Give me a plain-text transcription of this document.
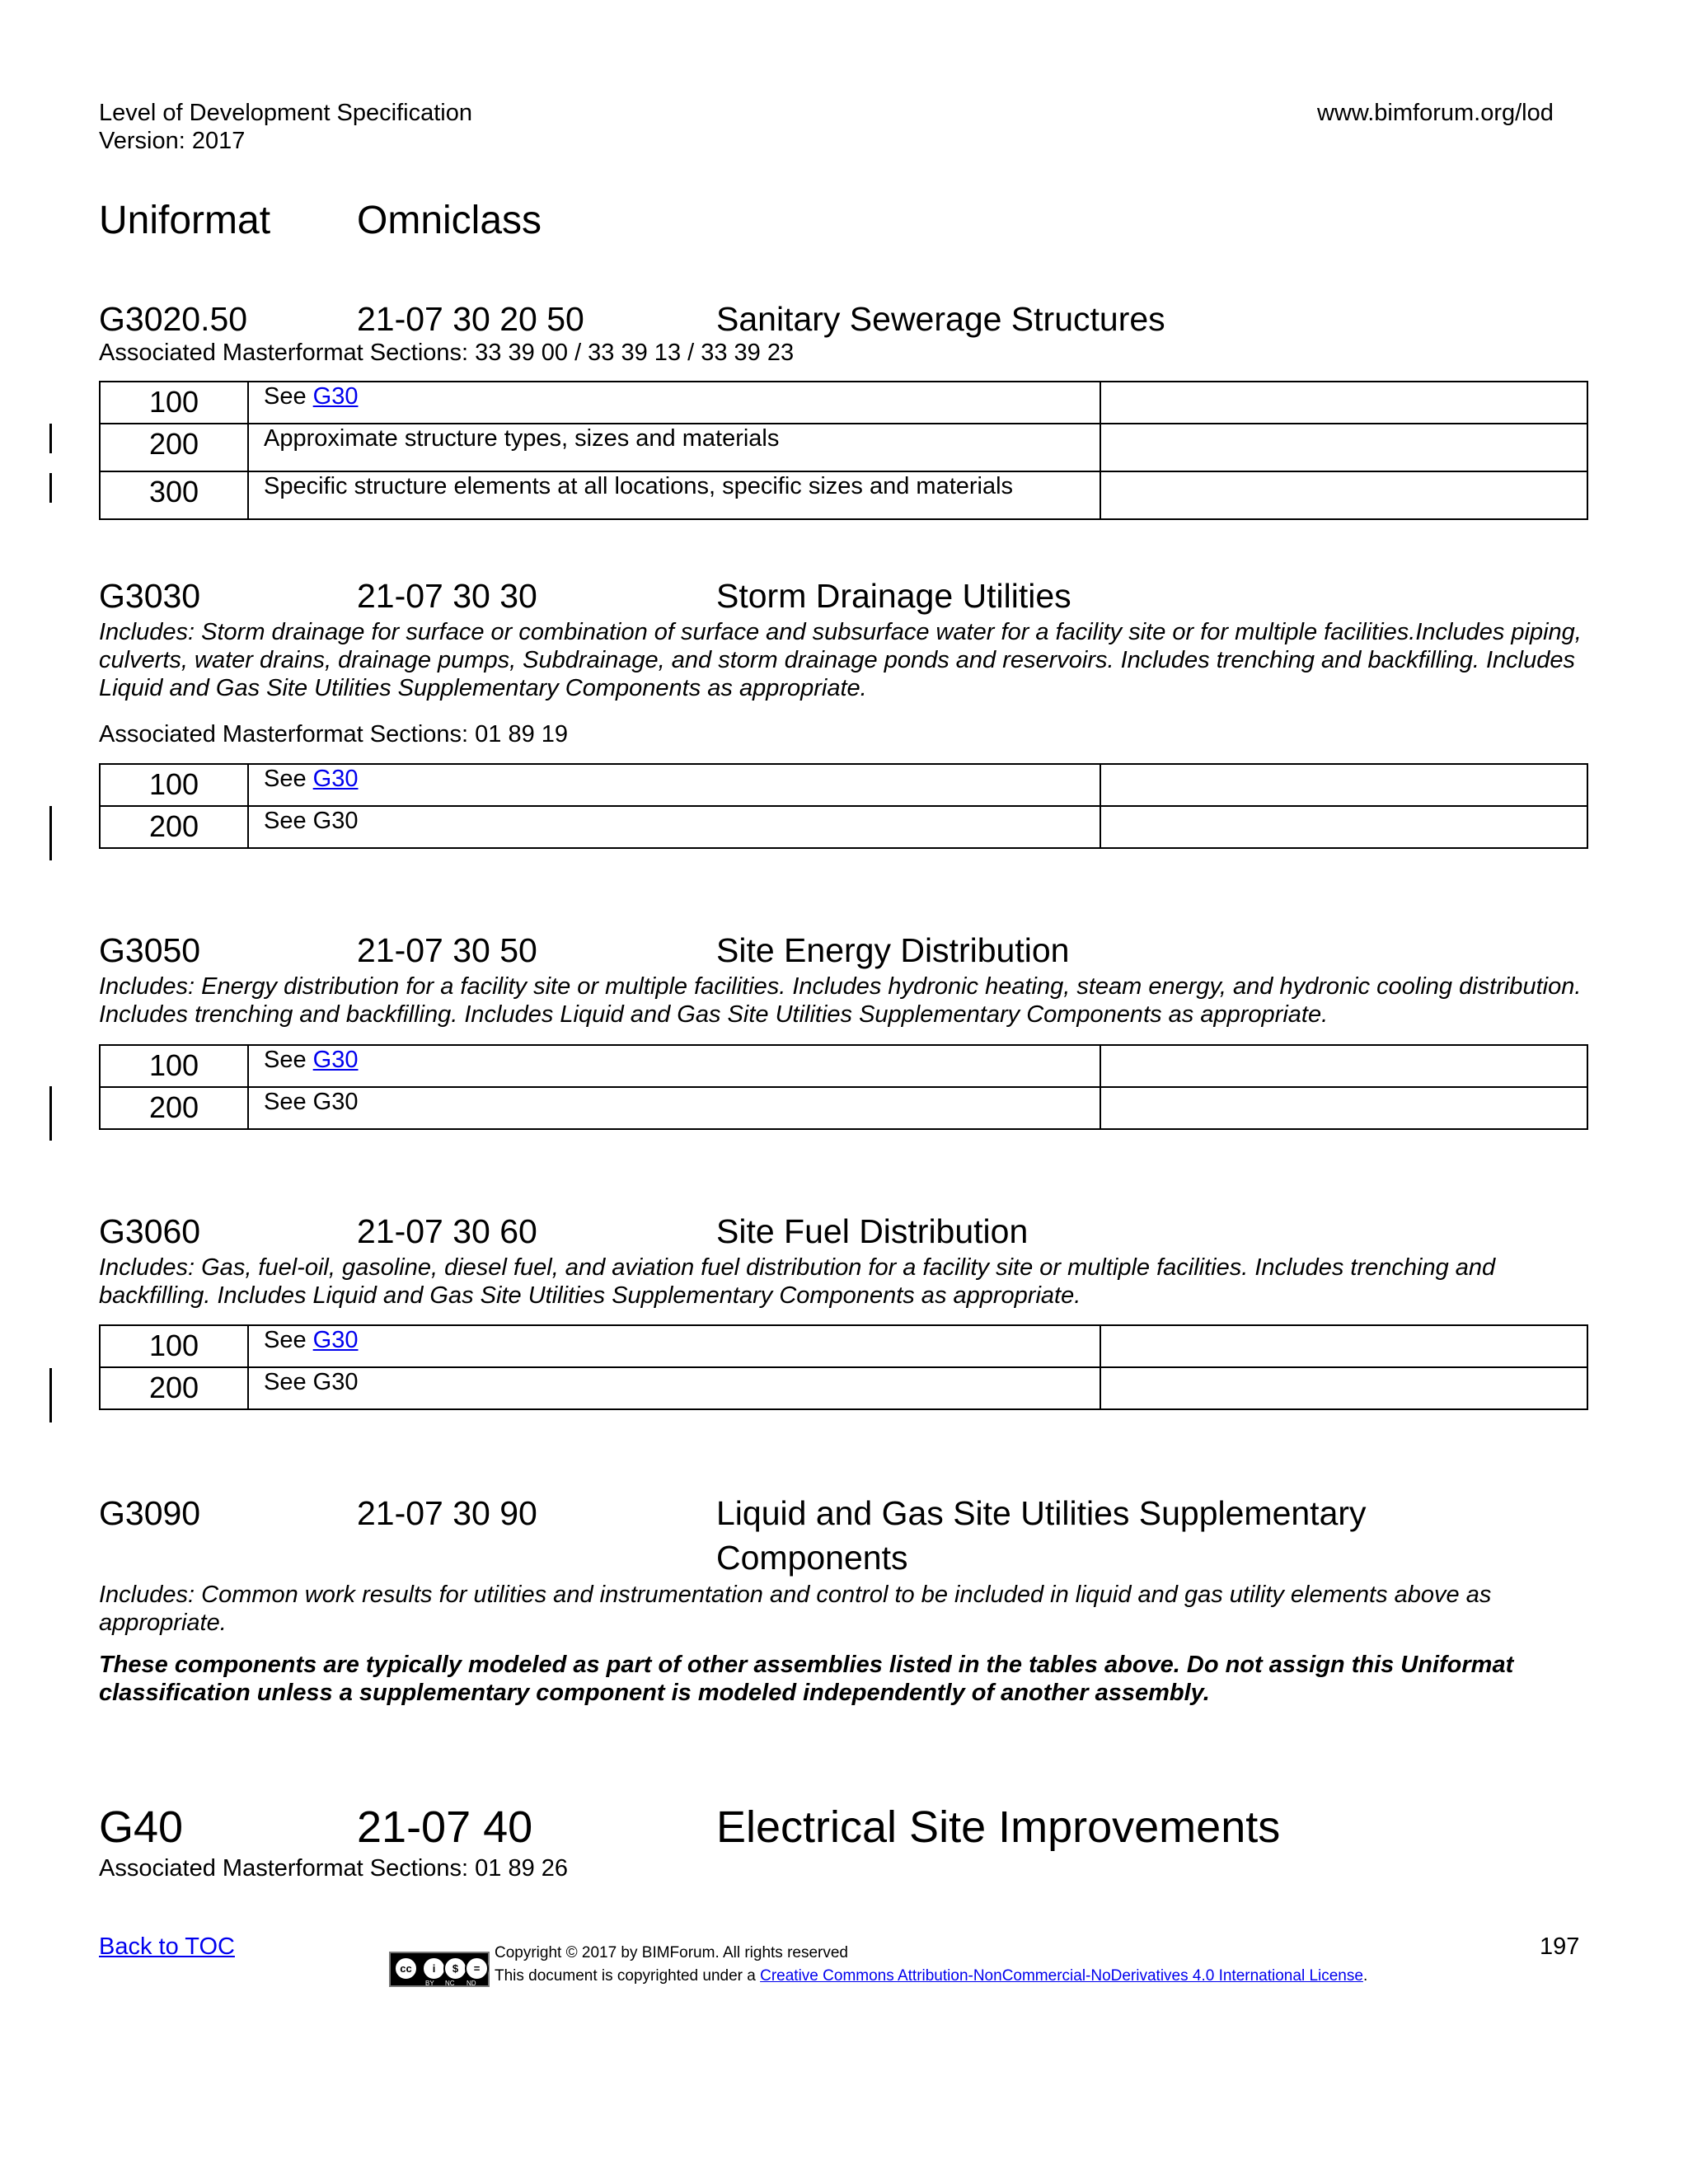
Level of Development Specification
Version: 2017
www.bimforum.org/lod
Uniformat Omniclass
G3020.50	21-07 30 20 50	Sanitary Sewerage Structures
Associated Masterformat Sections: 33 39 00 / 33 39 13 / 33 39 23
100	See G30	
200	Approximate structure types, sizes and materials	
300	Specific structure elements at all locations, specific sizes and materials	
G3030	21-07 30 30	Storm Drainage Utilities
Includes: Storm drainage for surface or combination of surface and subsurface water for a facility site or for multiple facilities.Includes piping, culverts, water drains, drainage pumps, Subdrainage, and storm drainage ponds and reservoirs. Includes trenching and backfilling. Includes Liquid and Gas Site Utilities Supplementary Components as appropriate.
Associated Masterformat Sections: 01 89 19
100	See G30	
200	See G30	
G3050	21-07 30 50	Site Energy Distribution
Includes: Energy distribution for a facility site or multiple facilities. Includes hydronic heating, steam energy, and hydronic cooling distribution. Includes trenching and backfilling. Includes Liquid and Gas Site Utilities Supplementary Components as appropriate.
100	See G30	
200	See G30	
G3060	21-07 30 60	Site Fuel Distribution
Includes: Gas, fuel-oil, gasoline, diesel fuel, and aviation fuel distribution for a facility site or multiple facilities. Includes trenching and backfilling. Includes Liquid and Gas Site Utilities Supplementary Components as appropriate.
100	See G30	
200	See G30	
G3090	21-07 30 90	Liquid and Gas Site Utilities Supplementary
Components
Includes: Common work results for utilities and instrumentation and control to be included in liquid and gas utility elements above as appropriate.
These components are typically modeled as part of other assemblies listed in the tables above. Do not assign this Uniformat classification unless a supplementary component is modeled independently of another assembly.
G40	21-07 40	Electrical Site Improvements
Associated Masterformat Sections: 01 89 26
Back to TOC
cc	i	$	=
BY NC ND
Copyright © 2017 by BIMForum. All rights reserved
This document is copyrighted under a Creative Commons Attribution-NonCommercial-NoDerivatives 4.0 International License.
197
